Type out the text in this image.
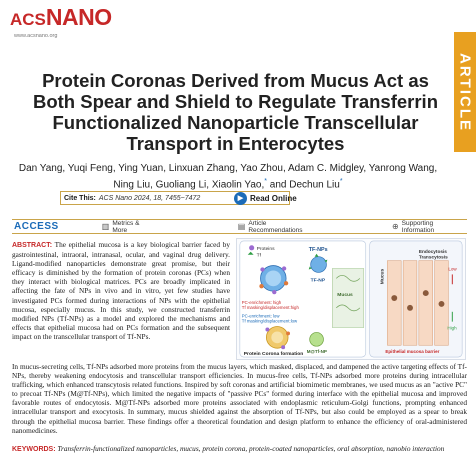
ACSNANO
www.acsnano.org
ARTICLE
Protein Coronas Derived from Mucus Act as
Both Spear and Shield to Regulate Transferrin
Functionalized Nanoparticle Transcellular
Transport in Enterocytes
Dan Yang, Yuqi Feng, Ying Yuan, Linxuan Zhang, Yao Zhou, Adam C. Midgley, Yanrong Wang,
Ning Liu, Guoliang Li, Xiaolin Yao,* and Dechun Liu*
Cite This: ACS Nano 2024, 18, 7455−7472	▶ Read Online
ACCESS	▥ Metrics & More	▤ Article Recommendations	⊕ Supporting Information
ABSTRACT: The epithelial mucosa is a key biological barrier faced by gastrointestinal, intraoral, intranasal, ocular, and vaginal drug delivery. Ligand-modified nanoparticles demonstrate great promise, but their efficacy is diminished by the formation of protein coronas (PCs) when they interact with biological matrices. PCs are broadly implicated in affecting the fate of NPs in vivo and in vitro, yet few studies have investigated PCs formed during interactions of NPs with the epithelial mucosa, especially mucus. In this study, we constructed transferrin modified NPs (Tf-NPs) as a model and explored the mechanisms and effects that epithelial mucosa had on PCs formation and the subsequent impact on the transcellular transport of Tf-NPs.
Proteins
Tf
TF-NPs
TF-NP
Mucus
PC-enrichment: high
Tf masking/displacement:high
PC-enrichment: low
Tf masking/displacement:low
M@Tf-NP
Protein Corona formation
Mucus
Endocytosis
Transcytosis
Low
High
Epithelial mucosa barrier
In mucus-secreting cells, Tf-NPs adsorbed more proteins from the mucus layers, which masked, displaced, and dampened the active targeting effects of Tf-NPs, thereby weakening endocytosis and transcellular transport efficiencies. In mucus-free cells, Tf-NPs adsorbed more proteins during intracellular trafficking, which enhanced transcytosis related functions. Inspired by soft coronas and artificial biomimetic membranes, we used mucus as an "active PC" to precoat Tf-NPs (M@Tf-NPs), which limited the negative impacts of "passive PCs" formed during interface with the epithelial mucosa and improved favorable routes of endocytosis. M@Tf-NPs adsorbed more proteins associated with endoplasmic reticulum-Golgi functions, prompting enhanced intracellular transport and exocytosis. In summary, mucus shielded against the absorption of Tf-NPs, but also could be employed as a spear to break through the epithelial mucosa barrier. These findings offer a theoretical foundation and design platform to enhance the efficiency of oral-administered nanomedicines.
KEYWORDS: Transferrin-functionalized nanoparticles, mucus, protein corona, protein-coated nanoparticles, oral absorption, nanobio interaction
